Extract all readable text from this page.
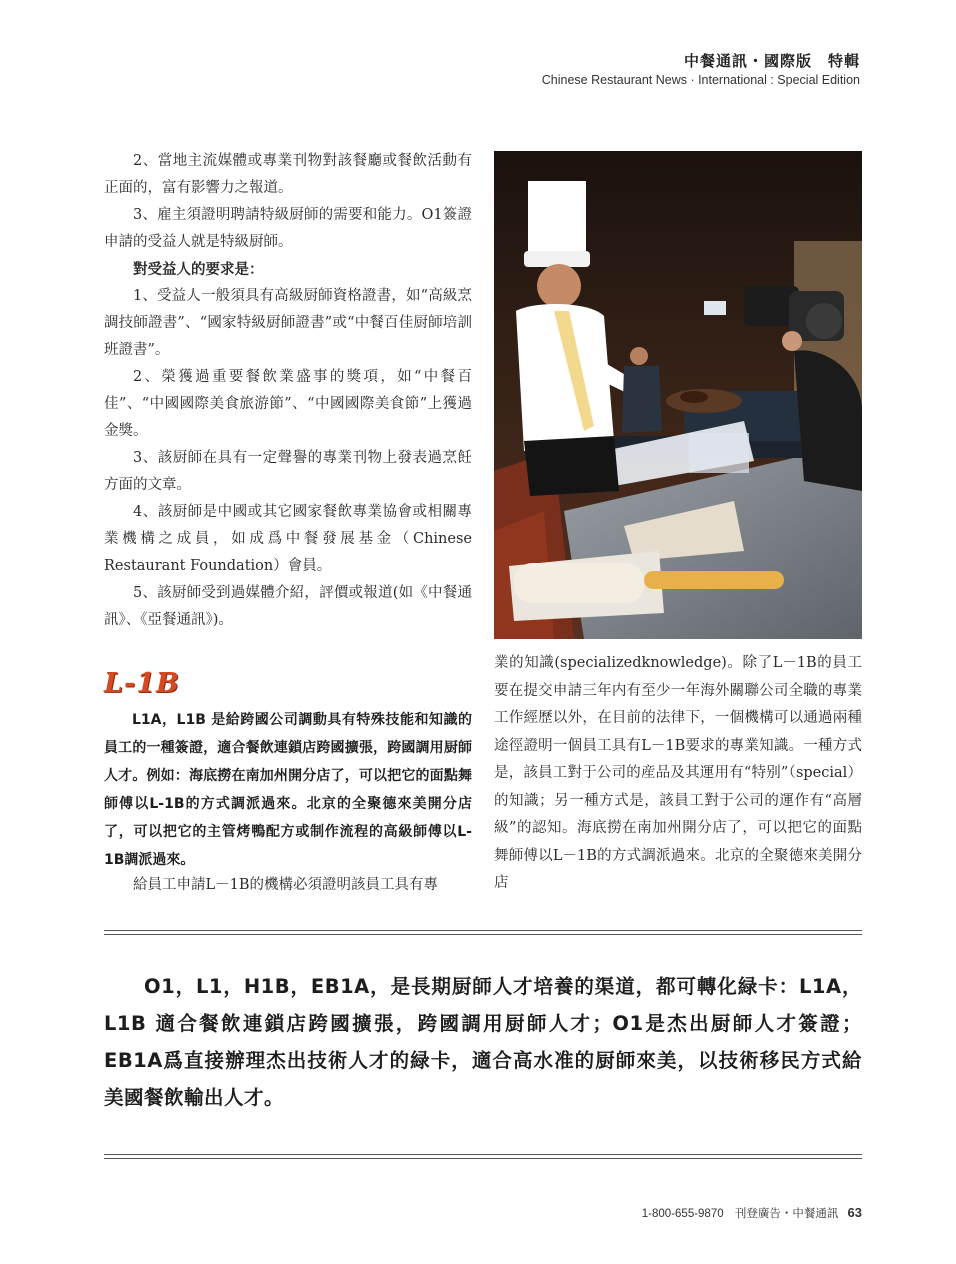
中餐通訊・國際版　特輯
Chinese Restaurant News · International : Special Edition

2、當地主流媒體或專業刊物對該餐廳或餐飲活動有正面的，富有影響力之報道。

3、雇主須證明聘請特級厨師的需要和能力。O1簽證申請的受益人就是特級厨師。

對受益人的要求是：

1、受益人一般須具有高級厨師資格證書，如“高級烹調技師證書”、“國家特級厨師證書”或“中餐百佳厨師培訓班證書”。

2、榮獲過重要餐飲業盛事的獎項，如“中餐百佳”、“中國國際美食旅游節”、“中國國際美食節”上獲過金獎。

3、該厨師在具有一定聲譽的專業刊物上發表過烹飪方面的文章。

4、該厨師是中國或其它國家餐飲專業協會或相關專業機構之成員，如成爲中餐發展基金（Chinese Restaurant Foundation）會員。

5、該厨師受到過媒體介紹，評價或報道(如《中餐通訊》、《亞餐通訊》)。

L-1B

L1A，L1B 是給跨國公司調動具有特殊技能和知識的員工的一種簽證，適合餐飲連鎖店跨國擴張，跨國調用厨師人才。例如：海底撈在南加州開分店了，可以把它的面點舞師傅以L-1B的方式調派過來。北京的全聚德來美開分店了，可以把它的主管烤鴨配方或制作流程的高級師傅以L-1B調派過來。

給員工申請L－1B的機構必須證明該員工具有專

業的知識(specializedknowledge)。除了L－1B的員工要在提交申請三年内有至少一年海外關聯公司全職的專業工作經歷以外，在目前的法律下，一個機構可以通過兩種途徑證明一個員工具有L－1B要求的專業知識。一種方式是，該員工對于公司的産品及其運用有“特别”（special）的知識；另一種方式是，該員工對于公司的運作有“高層級”的認知。海底撈在南加州開分店了，可以把它的面點舞師傅以L－1B的方式調派過來。北京的全聚德來美開分店

O1，L1，H1B，EB1A，是長期厨師人才培養的渠道，都可轉化緑卡：L1A，L1B 適合餐飲連鎖店跨國擴張，跨國調用厨師人才；O1是杰出厨師人才簽證；EB1A爲直接辦理杰出技術人才的緑卡，適合高水准的厨師來美，以技術移民方式給美國餐飲輸出人才。
1-800-655-9870 刊登廣告・中餐通訊 63
